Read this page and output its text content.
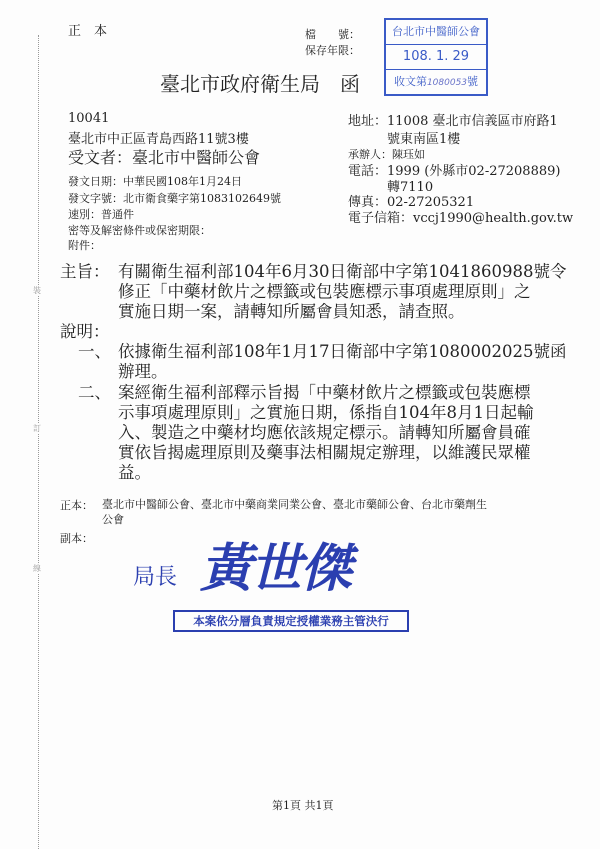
裝
訂
線
正　本	檔　　號：
保存年限：
台北市中醫師公會
108. 1. 29
收文第1080053號
臺北市政府衛生局　函
10041
臺北市中正區青島西路11號3樓
受文者：臺北市中醫師公會
發文日期：中華民國108年1月24日
發文字號：北市衛食藥字第1083102649號
速別：普通件
密等及解密條件或保密期限：
附件：
地址：11008 臺北市信義區市府路1
號東南區1樓
承辦人：陳珏如
電話：1999 (外縣市02-27208889)
轉7110
傳真：02-27205321
電子信箱：vccj1990@health.gov.tw
主旨： 有關衛生福利部104年6月30日衛部中字第1041860988號令
修正「中藥材飲片之標籤或包裝應標示事項處理原則」之
實施日期一案，請轉知所屬會員知悉，請查照。
說明：
一、 依據衛生福利部108年1月17日衛部中字第1080002025號函
辦理。
二、 案經衛生福利部釋示旨揭「中藥材飲片之標籤或包裝應標
示事項處理原則」之實施日期，係指自104年8月1日起輸
入、製造之中藥材均應依該規定標示。請轉知所屬會員確
實依旨揭處理原則及藥事法相關規定辦理，以維護民眾權
益。
正本： 臺北市中醫師公會、臺北市中藥商業同業公會、臺北市藥師公會、台北市藥劑生
公會
副本：
局長 黃世傑
本案依分層負責規定授權業務主管決行
第1頁 共1頁
